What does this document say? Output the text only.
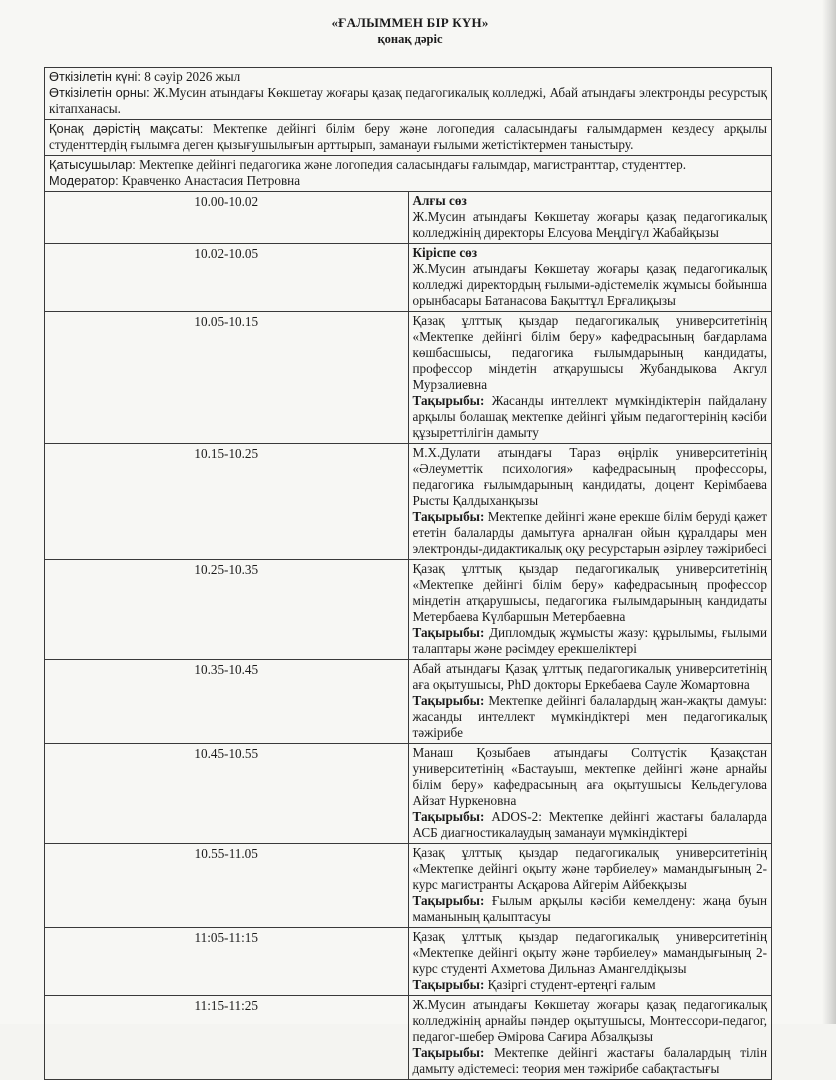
«ҒАЛЫММЕН БІР КҮН»
қонақ дәріс
Өткізілетін күні: 8 сәуір 2026 жыл
Өткізілетін орны: Ж.Мусин атындағы Көкшетау жоғары қазақ педагогикалық колледжі, Абай атындағы электронды ресурстық кітапханасы.	

Қонақ дәрістің мақсаты: Мектепке дейінгі білім беру және логопедия саласындағы ғалымдармен кездесу арқылы студенттердің ғылымға деген қызығушылығын арттырып, заманауи ғылыми жетістіктермен таныстыру.	

Қатысушылар: Мектепке дейінгі педагогика және логопедия саласындағы ғалымдар, магистранттар, студенттер.
Модератор: Кравченко Анастасия Петровна	

10.00-10.02	Алғы сөз
Ж.Мусин атындағы Көкшетау жоғары қазақ педагогикалық колледжінің директоры Елсуова Меңдігүл Жабайқызы

10.02-10.05	Кіріспе сөз
Ж.Мусин атындағы Көкшетау жоғары қазақ педагогикалық колледжі директордың ғылыми-әдістемелік жұмысы бойынша орынбасары Батанасова Бақыттұл Ерғалиқызы

10.05-10.15	Қазақ ұлттық қыздар педагогикалық университетінің «Мектепке дейінгі білім беру» кафедрасының бағдарлама көшбасшысы, педагогика ғылымдарының кандидаты, профессор міндетін атқарушысы Жубандыкова Акгул Мурзалиевна
Тақырыбы: Жасанды интеллект мүмкіндіктерін пайдалану арқылы болашақ мектепке дейінгі ұйым педагогтерінің кәсіби құзыреттілігін дамыту

10.15-10.25	М.Х.Дулати атындағы Тараз өңірлік университетінің «Әлеуметтік психология» кафедрасының профессоры, педагогика ғылымдарының кандидаты, доцент Керімбаева Рысты Қалдыханқызы
Тақырыбы: Мектепке дейінгі және ерекше білім беруді қажет ететін балаларды дамытуға арналған ойын құралдары мен электронды-дидактикалық оқу ресурстарын әзірлеу тәжірибесі

10.25-10.35	Қазақ ұлттық қыздар педагогикалық университетінің «Мектепке дейінгі білім беру» кафедрасының профессор міндетін атқарушысы, педагогика ғылымдарының кандидаты Метербаева Күлбаршын Метербаевна
Тақырыбы: Дипломдық жұмысты жазу: құрылымы, ғылыми талаптары және рәсімдеу ерекшеліктері

10.35-10.45	Абай атындағы Қазақ ұлттық педагогикалық университетінің аға оқытушысы, PhD докторы Еркебаева Сауле Жомартовна
Тақырыбы: Мектепке дейінгі балалардың жан-жақты дамуы: жасанды интеллект мүмкіндіктері мен педагогикалық тәжірибе

10.45-10.55	Манаш Қозыбаев атындағы Солтүстік Қазақстан университетінің «Бастауыш, мектепке дейінгі және арнайы білім беру» кафедрасының аға оқытушысы Кельдегулова Айзат Нуркеновна
Тақырыбы: ADOS-2: Мектепке дейінгі жастағы балаларда АСБ диагностикалаудың заманауи мүмкіндіктері

10.55-11.05	Қазақ ұлттық қыздар педагогикалық университетінің «Мектепке дейінгі оқыту және тәрбиелеу» мамандығының 2-курс магистранты Асқарова Айгерім Айбекқызы
Тақырыбы: Ғылым арқылы кәсіби кемелдену: жаңа буын маманының қалыптасуы

11:05-11:15	Қазақ ұлттық қыздар педагогикалық университетінің «Мектепке дейінгі оқыту және тәрбиелеу» мамандығының 2-курс студенті Ахметова Дильназ Амангелдіқызы
Тақырыбы: Қазіргі студент-ертеңгі ғалым

11:15-11:25	Ж.Мусин атындағы Көкшетау жоғары қазақ педагогикалық колледжінің арнайы пәндер оқытушысы, Монтессори-педагог, педагог-шебер Әмірова Сағира Абзалқызы
Тақырыбы: Мектепке дейінгі жастағы балалардың тілін дамыту әдістемесі: теория мен тәжірибе сабақтастығы
